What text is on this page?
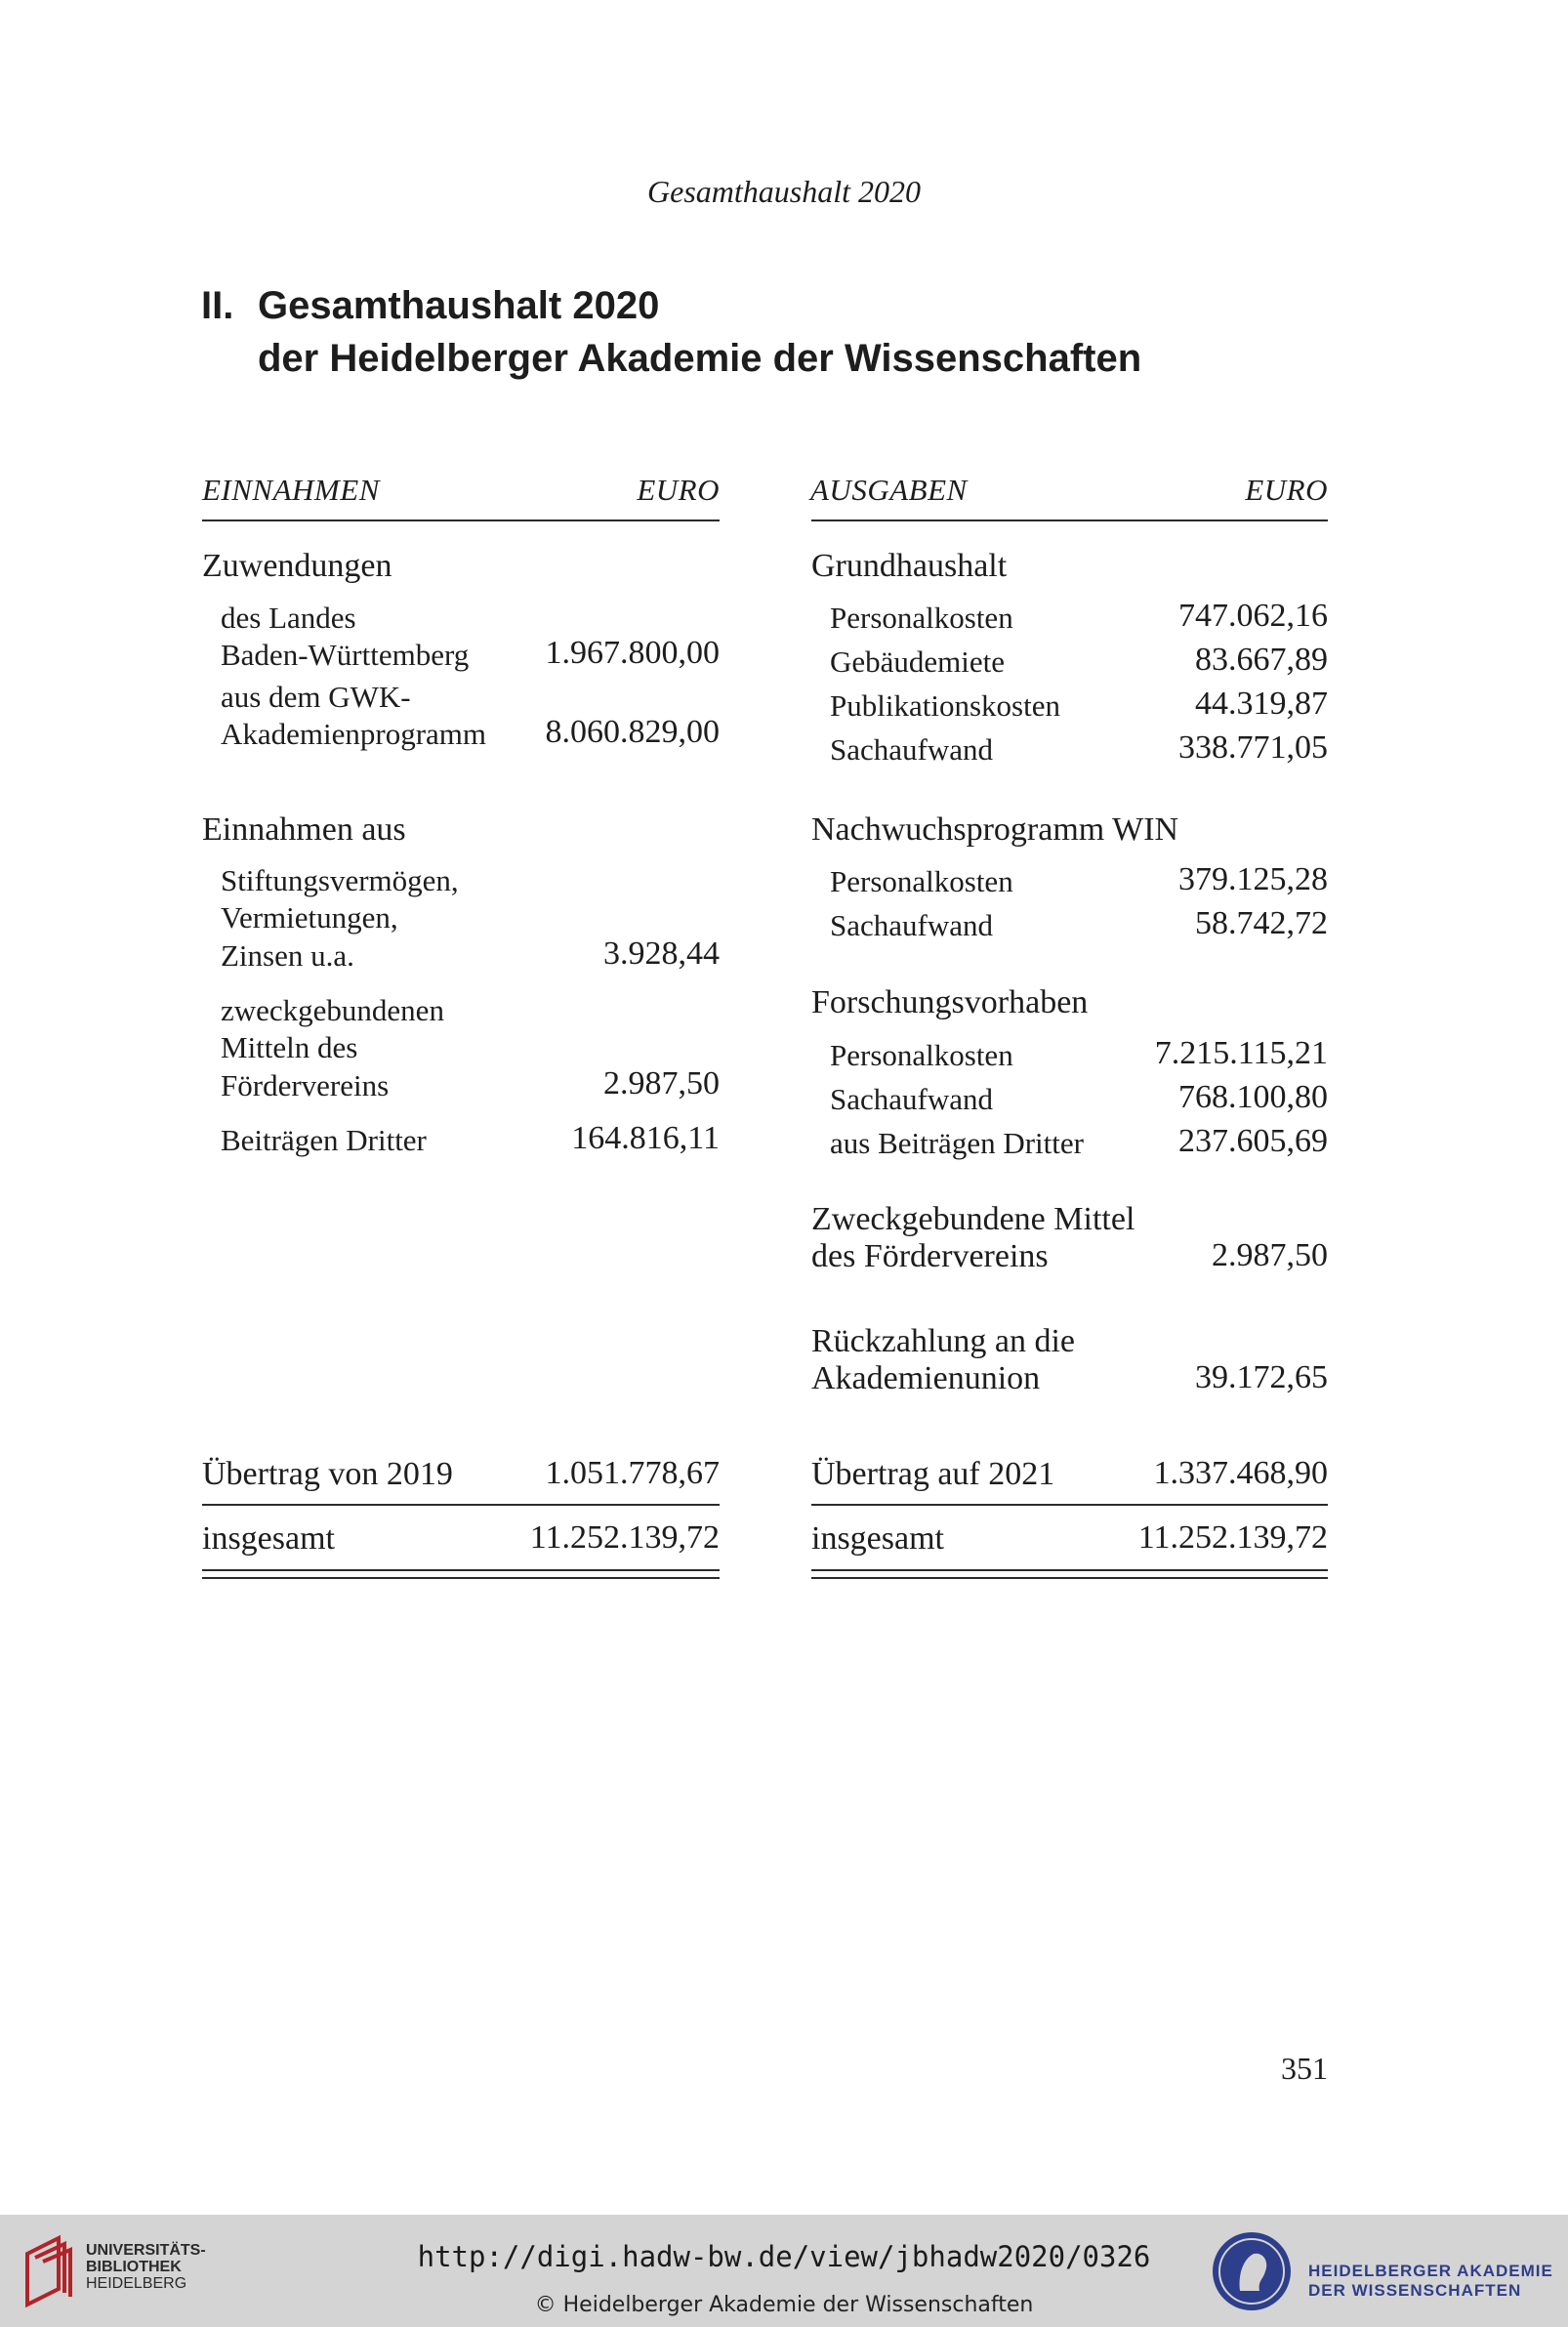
Gesamthaushalt 2020
II. Gesamthaushalt 2020
der Heidelberger Akademie der Wissenschaften
EINNAHMEN	EURO
Zuwendungen
des Landes
Baden-Württemberg	1.967.800,00
aus dem GWK-
Akademienprogramm	8.060.829,00
Einnahmen aus
Stiftungsvermögen,
Vermietungen,
Zinsen u.a.	3.928,44
zweckgebundenen
Mitteln des
Fördervereins	2.987,50
Beiträgen Dritter	164.816,11
Übertrag von 2019	1.051.778,67
insgesamt	11.252.139,72
AUSGABEN	EURO
Grundhaushalt
Personalkosten	747.062,16
Gebäudemiete	83.667,89
Publikationskosten	44.319,87
Sachaufwand	338.771,05
Nachwuchsprogramm WIN
Personalkosten	379.125,28
Sachaufwand	58.742,72
Forschungsvorhaben
Personalkosten	7.215.115,21
Sachaufwand	768.100,80
aus Beiträgen Dritter	237.605,69
Zweckgebundene Mittel
des Fördervereins	2.987,50
Rückzahlung an die
Akademienunion	39.172,65
Übertrag auf 2021	1.337.468,90
insgesamt	11.252.139,72
351
UNIVERSITÄTS-
BIBLIOTHEK
HEIDELBERG
http://digi.hadw-bw.de/view/jbhadw2020/0326
© Heidelberger Akademie der Wissenschaften
HEIDELBERGER AKADEMIE
DER WISSENSCHAFTEN
